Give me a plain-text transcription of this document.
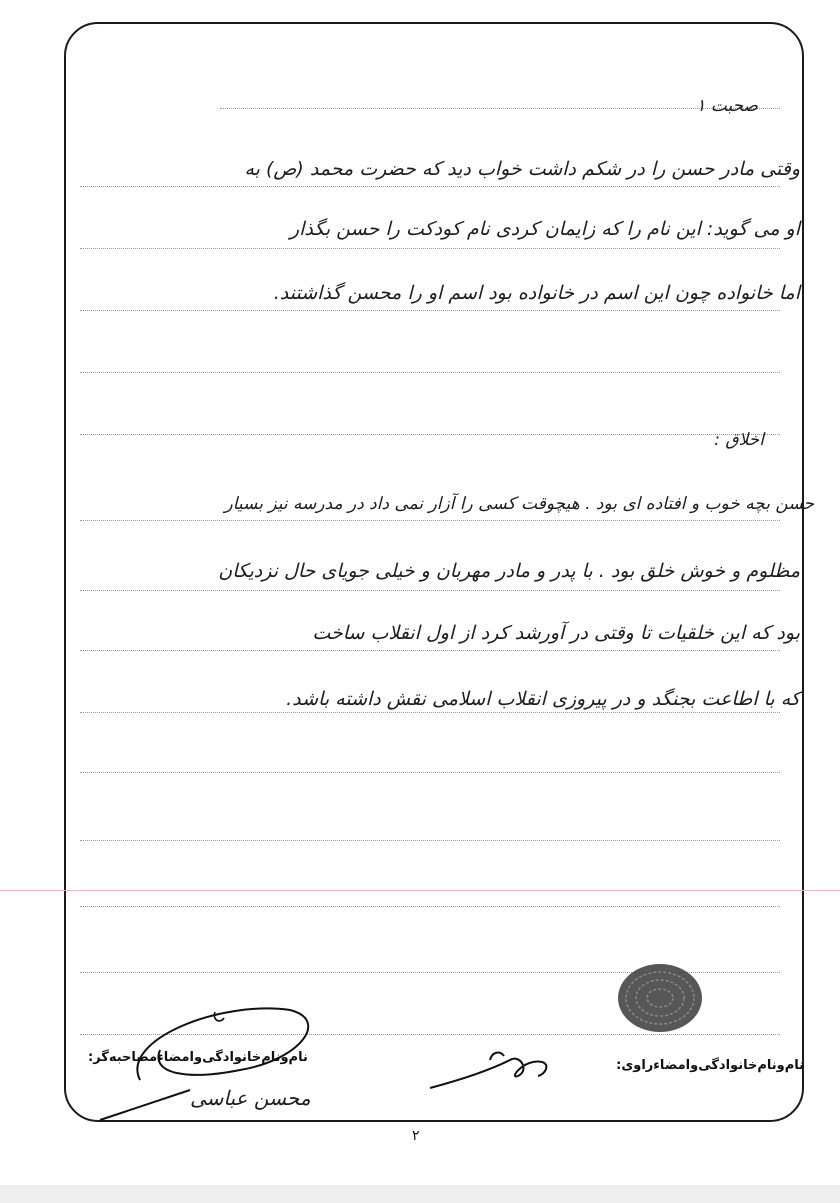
صحبت ۱
وقتی مادر حسن را در شکم داشت خواب دید که حضرت محمد (ص) به
او می گوید: این نام را که زایمان کردی نام کودکت را حسن بگذار
اما خانواده چون این اسم در خانواده بود اسم او را محسن گذاشتند.
اخلاق :
حسن بچه خوب و افتاده ای بود . هیچوقت کسی را آزار نمی داد در مدرسه نیز بسیار
مظلوم و خوش خلق بود . با پدر و مادر مهربان و خیلی جویای حال نزدیکان
بود که این خلقیات تا وقتی در آورشد کرد از اول انقلاب ساخت
که با اطاعت بجنگد و در پیروزی انقلاب اسلامی نقش داشته باشد.
نام‌و‌نام‌خانوادگی‌و‌امضاء‌راوی:
نام‌و‌نام‌خانوادگی‌و‌امضاء‌مصاحبه‌گر:
محسن عباسی
۲
